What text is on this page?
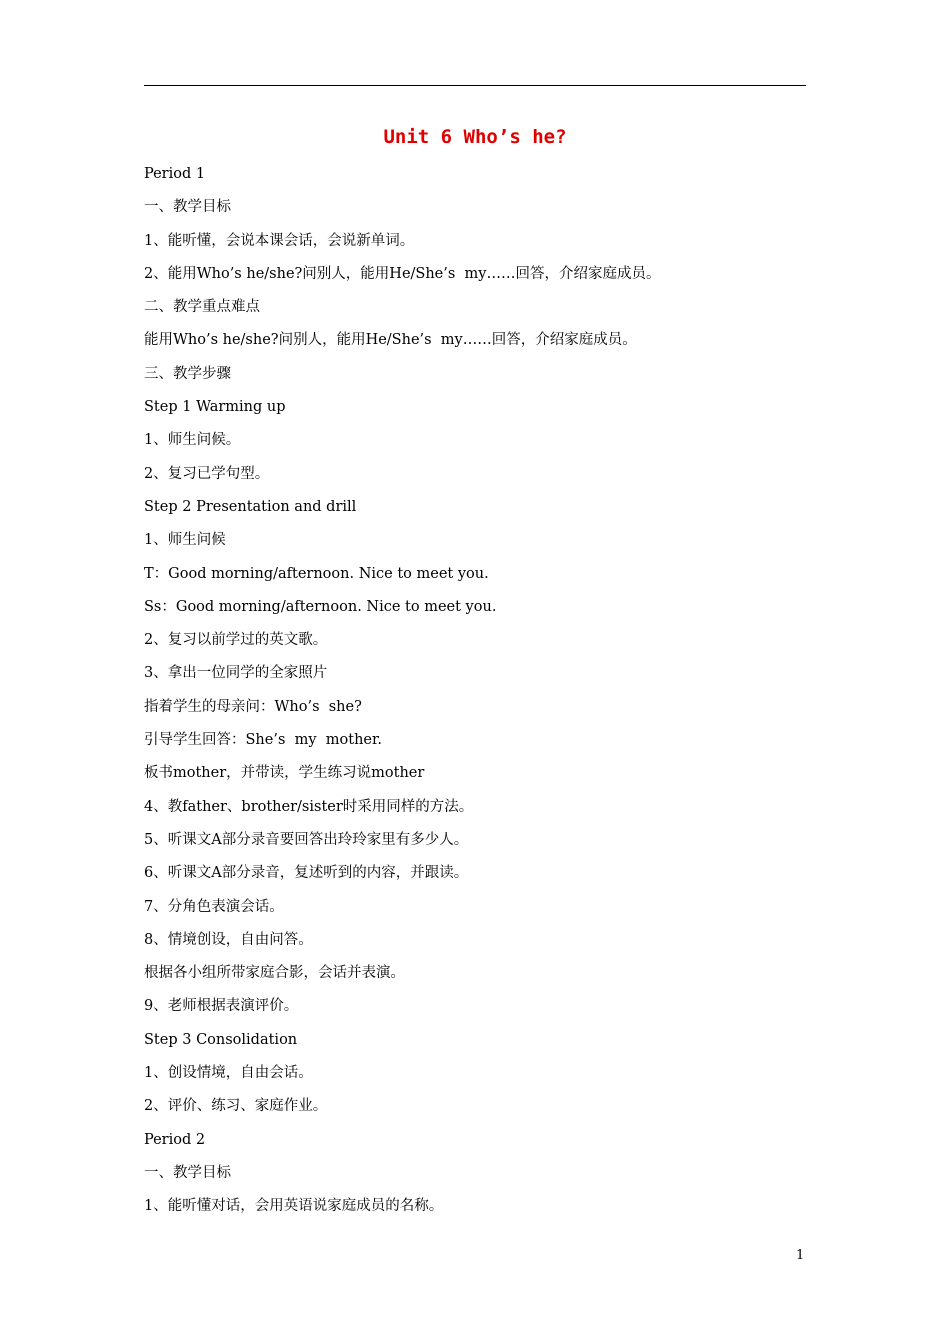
Unit 6 Who’s he?
Period 1
一、教学目标
1、能听懂，会说本课会话，会说新单词。
2、能用Who’s he/she?问别人，能用He/She’s  my……回答，介绍家庭成员。
二、教学重点难点
能用Who’s he/she?问别人，能用He/She’s  my……回答，介绍家庭成员。
三、教学步骤
Step 1 Warming up
1、师生问候。
2、复习已学句型。
Step 2 Presentation and drill
1、师生问候
T：Good morning/afternoon. Nice to meet you.
Ss：Good morning/afternoon. Nice to meet you.
2、复习以前学过的英文歌。
3、拿出一位同学的全家照片
指着学生的母亲问：Who’s  she?
引导学生回答：She’s  my  mother.
板书mother，并带读，学生练习说mother
4、教father、brother/sister时采用同样的方法。
5、听课文A部分录音要回答出玲玲家里有多少人。
6、听课文A部分录音，复述听到的内容，并跟读。
7、分角色表演会话。
8、情境创设，自由问答。
根据各小组所带家庭合影，会话并表演。
9、老师根据表演评价。
Step 3 Consolidation
1、创设情境，自由会话。
2、评价、练习、家庭作业。
Period 2
一、教学目标
1、能听懂对话，会用英语说家庭成员的名称。
1
